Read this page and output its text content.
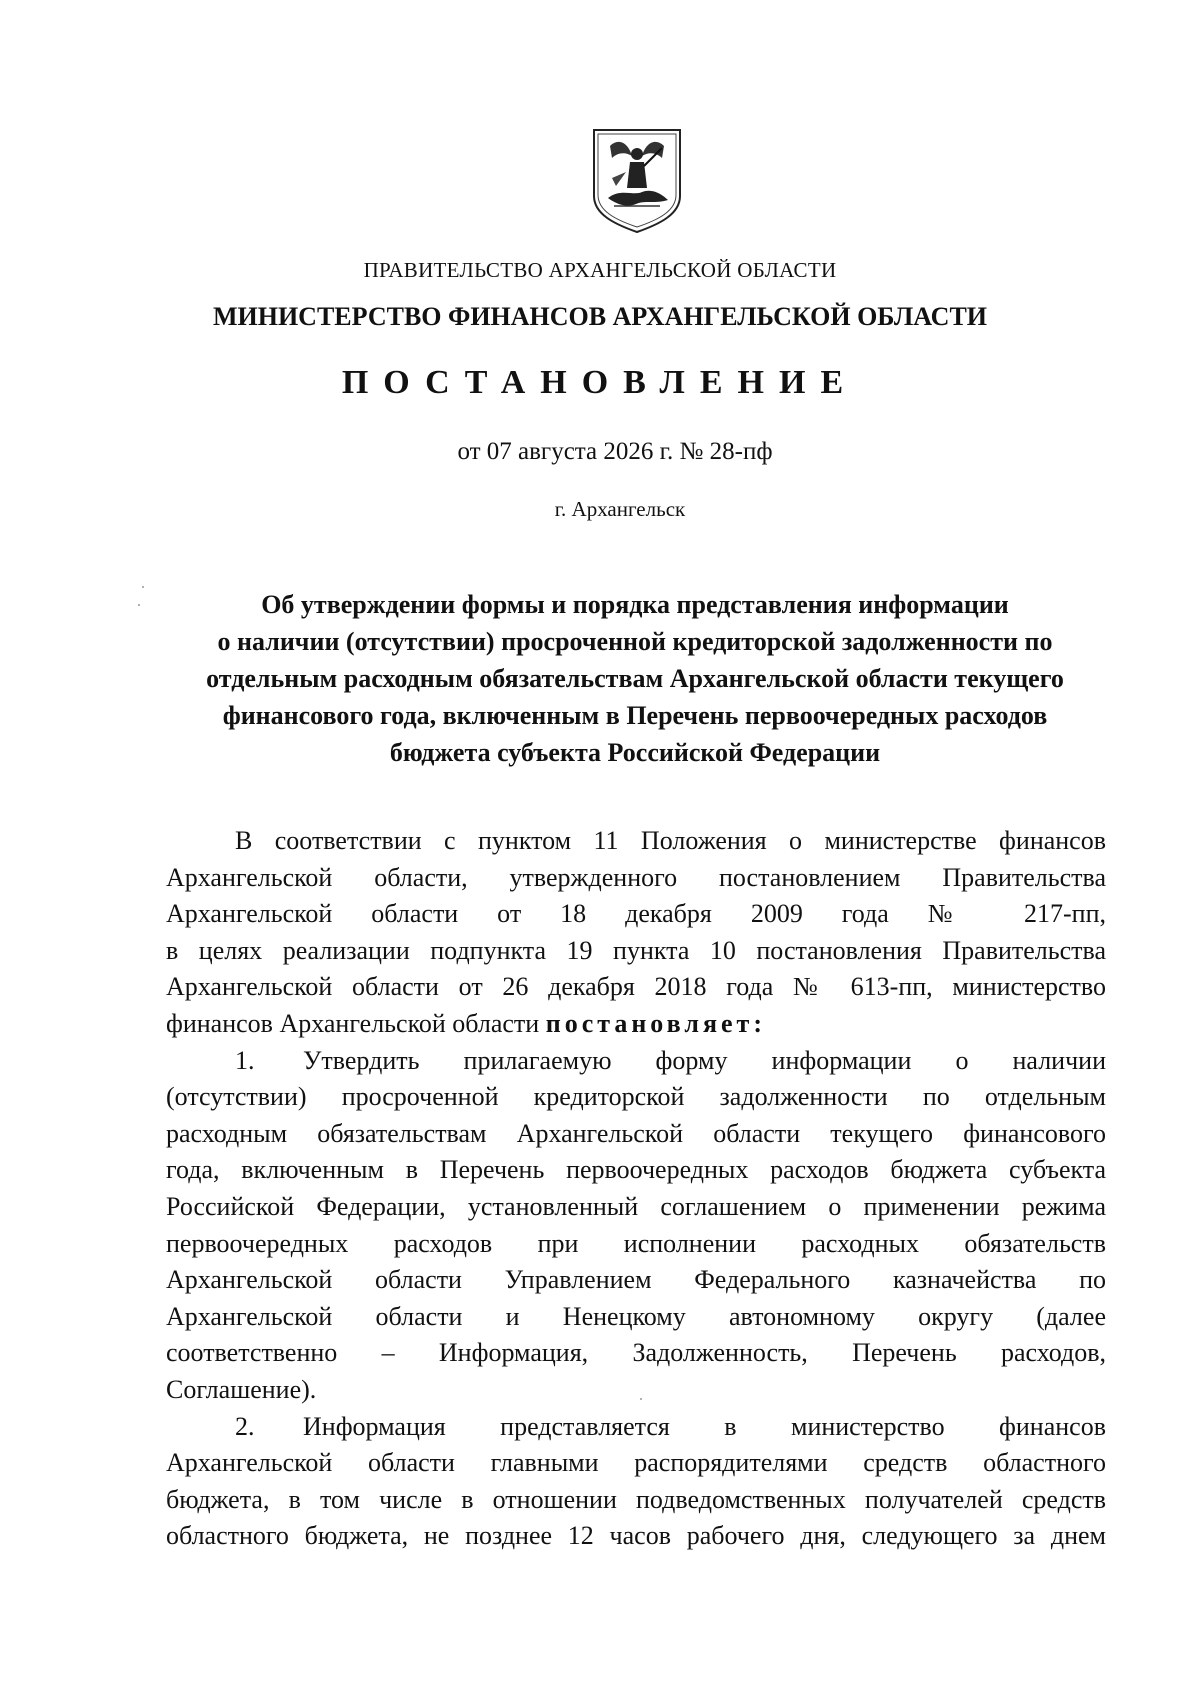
ПРАВИТЕЛЬСТВО АРХАНГЕЛЬСКОЙ ОБЛАСТИ
МИНИСТЕРСТВО ФИНАНСОВ АРХАНГЕЛЬСКОЙ ОБЛАСТИ
ПОСТАНОВЛЕНИЕ
от 07 августа 2026 г. № 28-пф
г. Архангельск
Об утверждении формы и порядка представления информации
о наличии (отсутствии) просроченной кредиторской задолженности по
отдельным расходным обязательствам Архангельской области текущего
финансового года, включенным в Перечень первоочередных расходов
бюджета субъекта Российской Федерации
В соответствии с пунктом 11 Положения о министерстве финансов
Архангельской области, утвержденного постановлением Правительства
Архангельской области от 18 декабря 2009 года № 217-пп,
в целях реализации подпункта 19 пункта 10 постановления Правительства
Архангельской области от 26 декабря 2018 года № 613-пп, министерство
финансов Архангельской области постановляет:
1. Утвердить прилагаемую форму информации о наличии
(отсутствии) просроченной кредиторской задолженности по отдельным
расходным обязательствам Архангельской области текущего финансового
года, включенным в Перечень первоочередных расходов бюджета субъекта
Российской Федерации, установленный соглашением о применении режима
первоочередных расходов при исполнении расходных обязательств
Архангельской области Управлением Федерального казначейства по
Архангельской области и Ненецкому автономному округу (далее
соответственно – Информация, Задолженность, Перечень расходов,
Соглашение).
2. Информация представляется в министерство финансов
Архангельской области главными распорядителями средств областного
бюджета, в том числе в отношении подведомственных получателей средств
областного бюджета, не позднее 12 часов рабочего дня, следующего за днем
